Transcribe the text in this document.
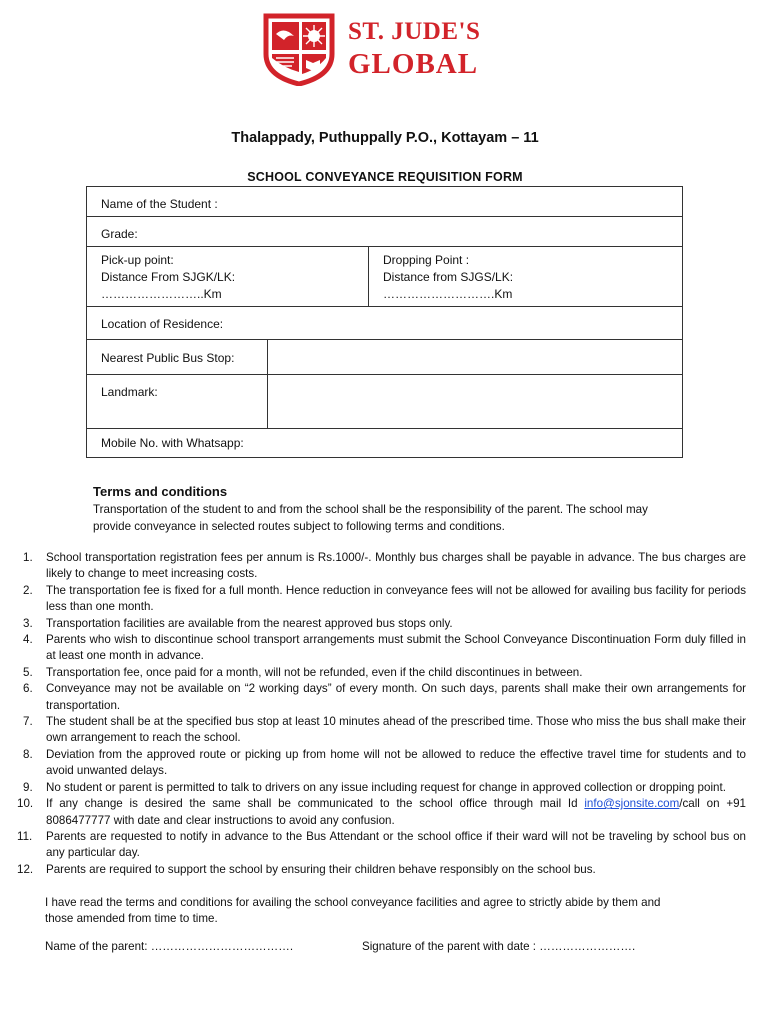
ST. JUDE'S
GLOBAL
Thalappady, Puthuppally P.O., Kottayam – 11
SCHOOL CONVEYANCE REQUISITION FORM
Name of the Student :
Grade:
Pick-up point:
Distance From SJGK/LK:
……………………..Km
Dropping Point :
Distance from SJGS/LK:
……………………….Km
Location of Residence:
Nearest Public Bus Stop:
Landmark:
Mobile No. with Whatsapp:
Terms and conditions
Transportation of the student to and from the school shall be the responsibility of the parent. The school may provide conveyance in selected routes subject to following terms and conditions.
School transportation registration fees per annum is Rs.1000/-. Monthly bus charges shall be payable in advance. The bus charges are likely to change to meet increasing costs.
The transportation fee is fixed for a full month. Hence reduction in conveyance fees will not be allowed for availing bus facility for periods less than one month.
Transportation facilities are available from the nearest approved bus stops only.
Parents who wish to discontinue school transport arrangements must submit the School Conveyance Discontinuation Form duly filled in at least one month in advance.
Transportation fee, once paid for a month, will not be refunded, even if the child discontinues in between.
Conveyance may not be available on “2 working days” of every month. On such days, parents shall make their own arrangements for transportation.
The student shall be at the specified bus stop at least 10 minutes ahead of the prescribed time. Those who miss the bus shall make their own arrangement to reach the school.
Deviation from the approved route or picking up from home will not be allowed to reduce the effective travel time for students and to avoid unwanted delays.
No student or parent is permitted to talk to drivers on any issue including request for change in approved collection or dropping point.
If any change is desired the same shall be communicated to the school office through mail Id info@sjonsite.com/call on +91 8086477777 with date and clear instructions to avoid any confusion.
Parents are requested to notify in advance to the Bus Attendant or the school office if their ward will not be traveling by school bus on any particular day.
Parents are required to support the school by ensuring their children behave responsibly on the school bus.
I have read the terms and conditions for availing the school conveyance facilities and agree to strictly abide by them and those amended from time to time.
Name of the parent: ……………………………….	Signature of the parent with date : …………………….
